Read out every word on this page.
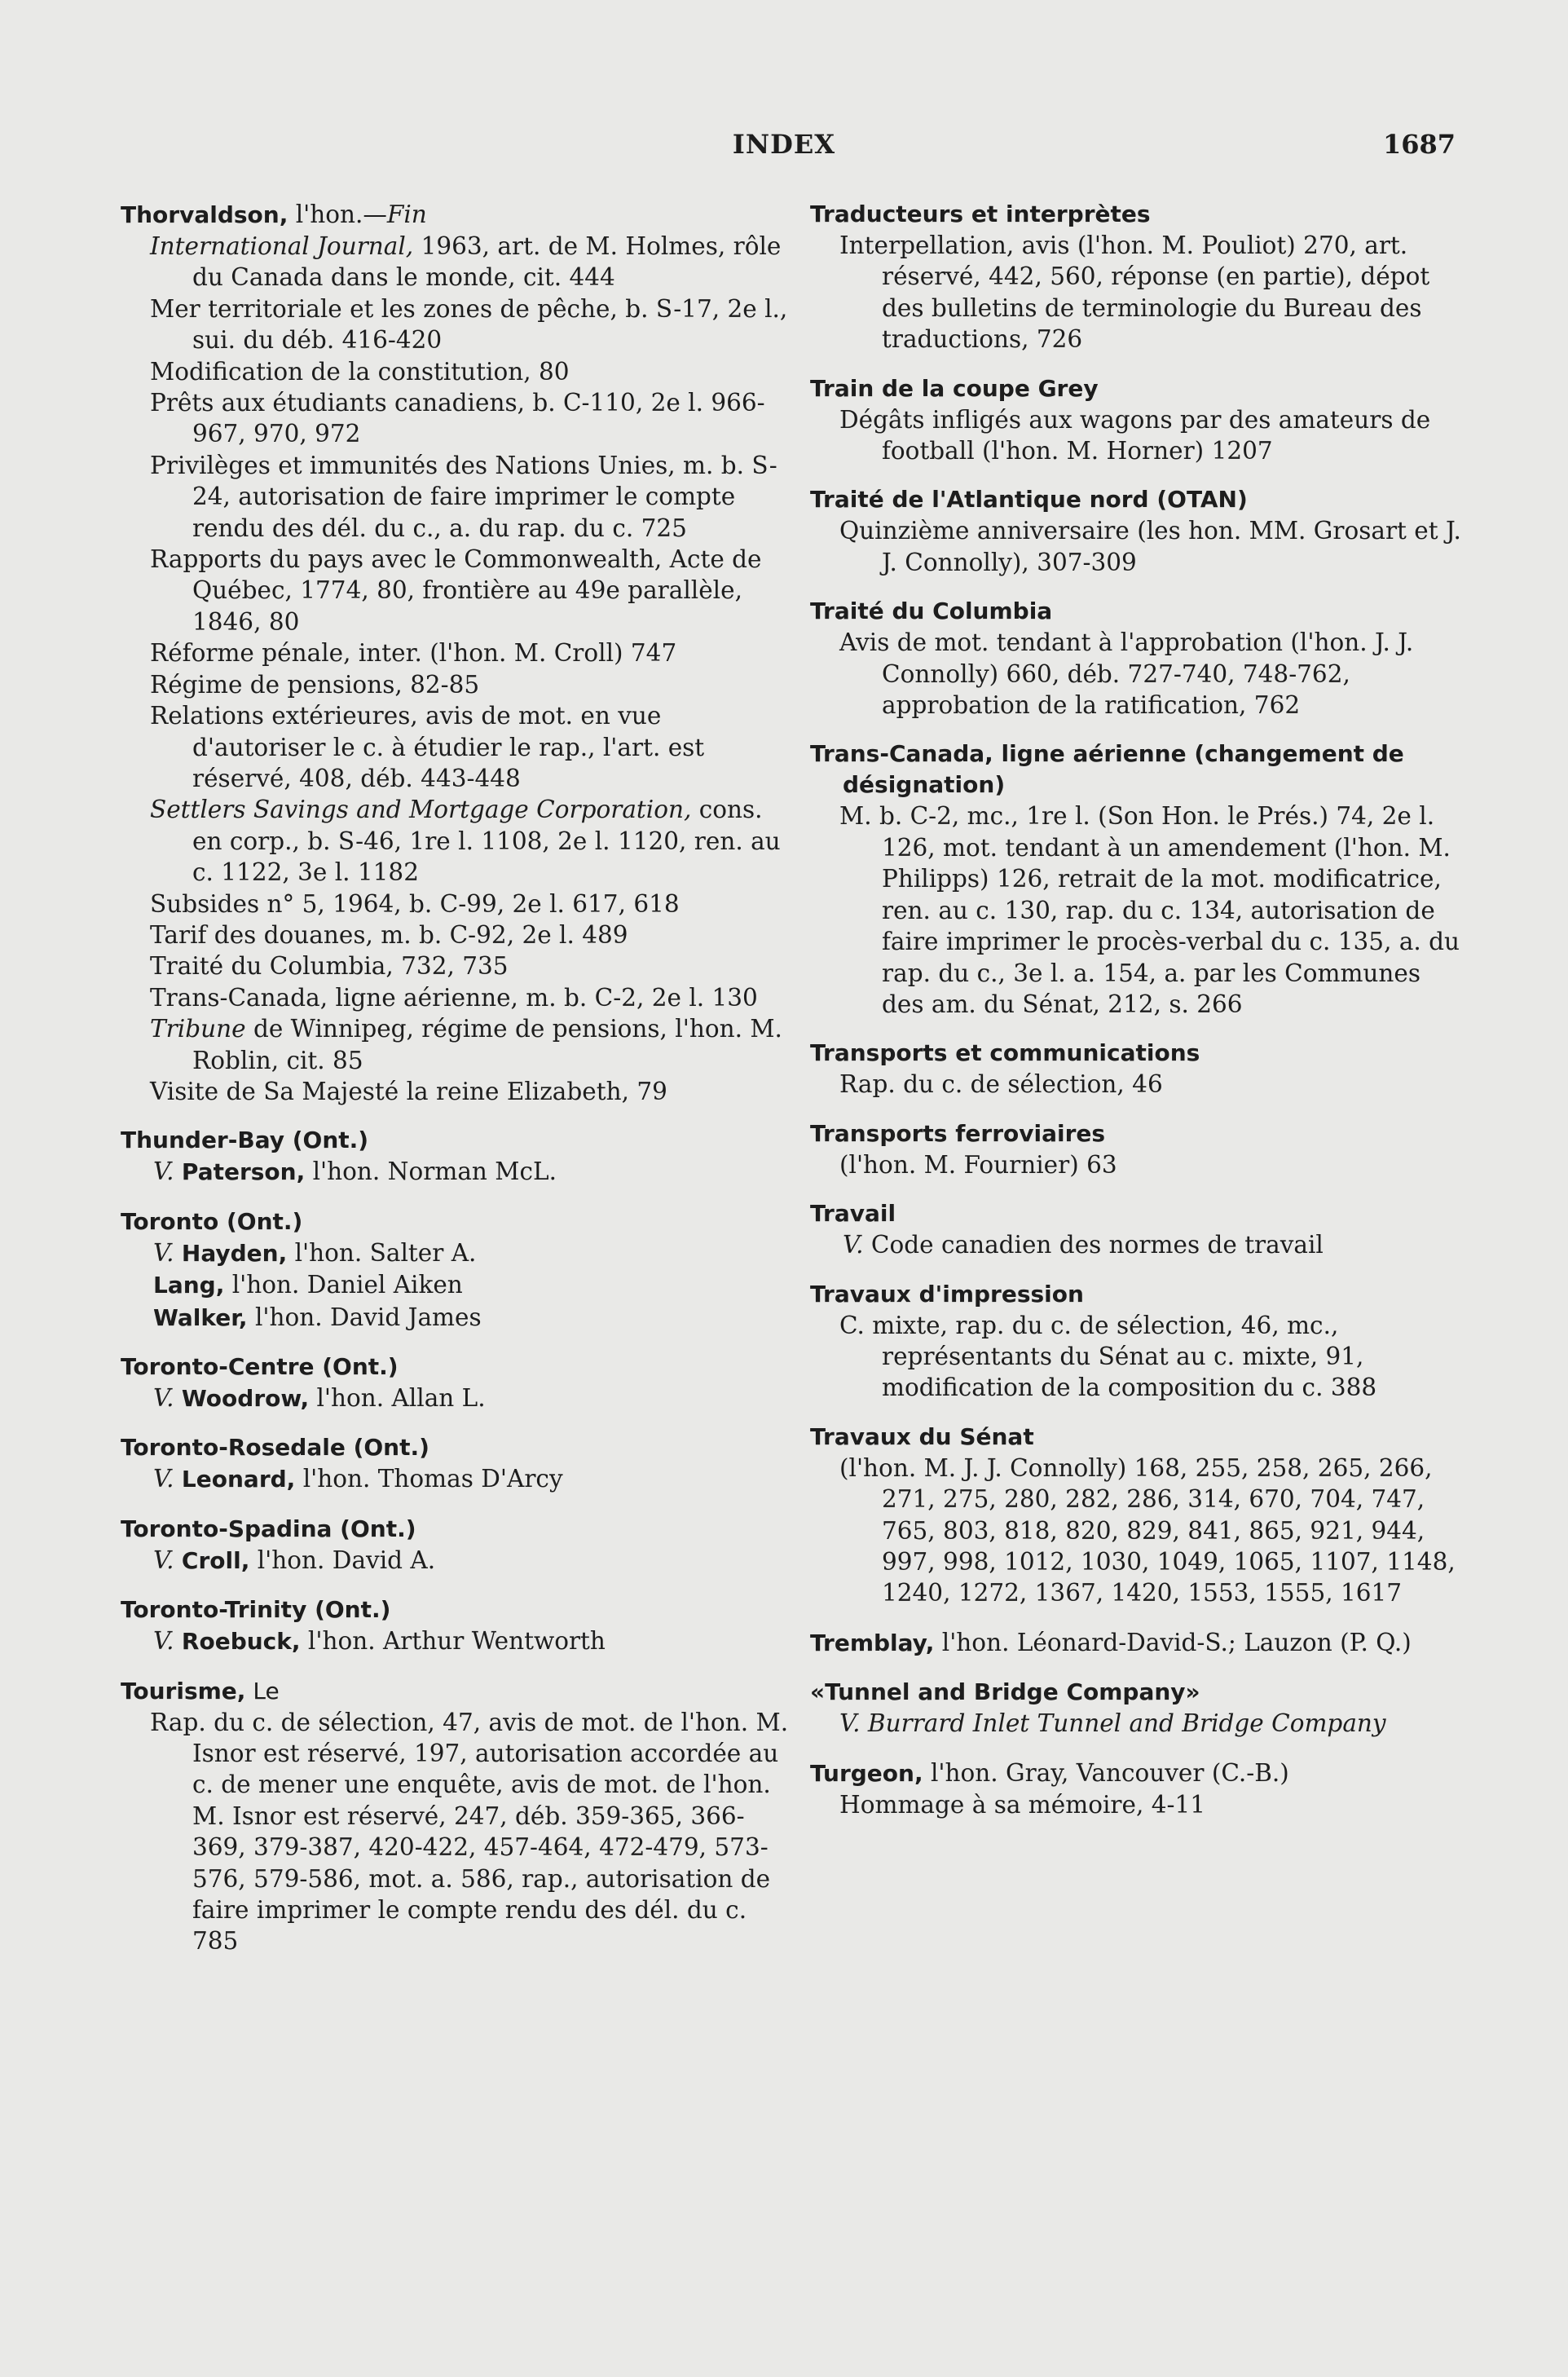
INDEX	1687
Thorvaldson, l'hon.—Fin

International Journal, 1963, art. de M. Holmes, rôle du Canada dans le monde, cit. 444

Mer territoriale et les zones de pêche, b. S-17, 2e l., sui. du déb. 416-420

Modification de la constitution, 80

Prêts aux étudiants canadiens, b. C-110, 2e l. 966-967, 970, 972

Privilèges et immunités des Nations Unies, m. b. S-24, autorisation de faire imprimer le compte rendu des dél. du c., a. du rap. du c. 725

Rapports du pays avec le Commonwealth, Acte de Québec, 1774, 80, frontière au 49e parallèle, 1846, 80

Réforme pénale, inter. (l'hon. M. Croll) 747

Régime de pensions, 82-85

Relations extérieures, avis de mot. en vue d'autoriser le c. à étudier le rap., l'art. est réservé, 408, déb. 443-448

Settlers Savings and Mortgage Corporation, cons. en corp., b. S-46, 1re l. 1108, 2e l. 1120, ren. au c. 1122, 3e l. 1182

Subsides n° 5, 1964, b. C-99, 2e l. 617, 618

Tarif des douanes, m. b. C-92, 2e l. 489

Traité du Columbia, 732, 735

Trans-Canada, ligne aérienne, m. b. C-2, 2e l. 130

Tribune de Winnipeg, régime de pensions, l'hon. M. Roblin, cit. 85

Visite de Sa Majesté la reine Elizabeth, 79

Thunder-Bay (Ont.)

V. Paterson, l'hon. Norman McL.

Toronto (Ont.)

V. Hayden, l'hon. Salter A.

Lang, l'hon. Daniel Aiken

Walker, l'hon. David James

Toronto-Centre (Ont.)

V. Woodrow, l'hon. Allan L.

Toronto-Rosedale (Ont.)

V. Leonard, l'hon. Thomas D'Arcy

Toronto-Spadina (Ont.)

V. Croll, l'hon. David A.

Toronto-Trinity (Ont.)

V. Roebuck, l'hon. Arthur Wentworth

Tourisme, Le

Rap. du c. de sélection, 47, avis de mot. de l'hon. M. Isnor est réservé, 197, autorisation accordée au c. de mener une enquête, avis de mot. de l'hon. M. Isnor est réservé, 247, déb. 359-365, 366-369, 379-387, 420-422, 457-464, 472-479, 573-576, 579-586, mot. a. 586, rap., autorisation de faire imprimer le compte rendu des dél. du c. 785

Traducteurs et interprètes

Interpellation, avis (l'hon. M. Pouliot) 270, art. réservé, 442, 560, réponse (en partie), dépot des bulletins de terminologie du Bureau des traductions, 726

Train de la coupe Grey

Dégâts infligés aux wagons par des amateurs de football (l'hon. M. Horner) 1207

Traité de l'Atlantique nord (OTAN)

Quinzième anniversaire (les hon. MM. Grosart et J. J. Connolly), 307-309

Traité du Columbia

Avis de mot. tendant à l'approbation (l'hon. J. J. Connolly) 660, déb. 727-740, 748-762, approbation de la ratification, 762

Trans-Canada, ligne aérienne (changement de désignation)

M. b. C-2, mc., 1re l. (Son Hon. le Prés.) 74, 2e l. 126, mot. tendant à un amendement (l'hon. M. Philipps) 126, retrait de la mot. modificatrice, ren. au c. 130, rap. du c. 134, autorisation de faire imprimer le procès-verbal du c. 135, a. du rap. du c., 3e l. a. 154, a. par les Communes des am. du Sénat, 212, s. 266

Transports et communications

Rap. du c. de sélection, 46

Transports ferroviaires

(l'hon. M. Fournier) 63

Travail

V. Code canadien des normes de travail

Travaux d'impression

C. mixte, rap. du c. de sélection, 46, mc., représentants du Sénat au c. mixte, 91, modification de la composition du c. 388

Travaux du Sénat

(l'hon. M. J. J. Connolly) 168, 255, 258, 265, 266, 271, 275, 280, 282, 286, 314, 670, 704, 747, 765, 803, 818, 820, 829, 841, 865, 921, 944, 997, 998, 1012, 1030, 1049, 1065, 1107, 1148, 1240, 1272, 1367, 1420, 1553, 1555, 1617

Tremblay, l'hon. Léonard-David-S.; Lauzon (P. Q.)

«Tunnel and Bridge Company»

V. Burrard Inlet Tunnel and Bridge Company

Turgeon, l'hon. Gray, Vancouver (C.-B.)

Hommage à sa mémoire, 4-11
